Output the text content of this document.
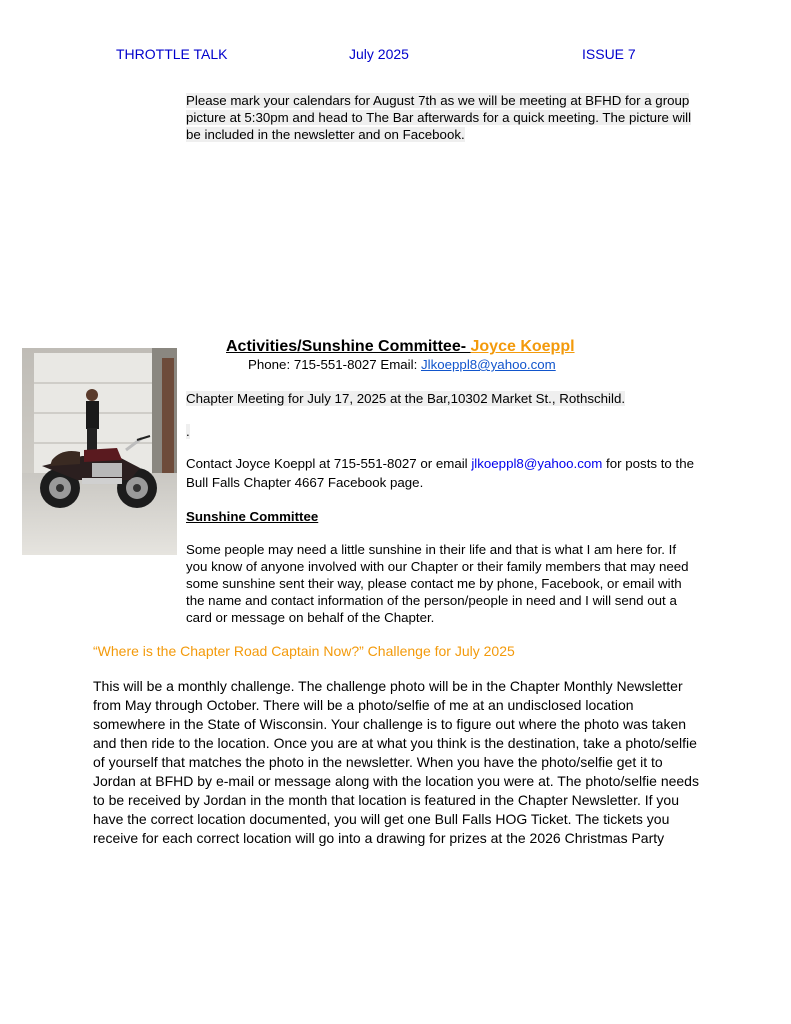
THROTTLE TALK	July 2025	ISSUE 7

Please mark your calendars for August 7th as we will be meeting at BFHD for a group picture at 5:30pm and head to The Bar afterwards for a quick meeting. The picture will be included in the newsletter and on Facebook.

Activities/Sunshine Committee- Joyce Koeppl
Phone: 715-551-8027 Email: Jlkoeppl8@yahoo.com

Chapter Meeting for July 17, 2025 at the Bar,10302 Market St., Rothschild.

.

Contact Joyce Koeppl at 715-551-8027 or email jlkoeppl8@yahoo.com for posts to the
Bull Falls Chapter 4667 Facebook page.

Sunshine Committee

Some people may need a little sunshine in their life and that is what I am here for. If you know of anyone involved with our Chapter or their family members that may need some sunshine sent their way, please contact me by phone, Facebook, or email with the name and contact information of the person/people in need and I will send out a card or message on behalf of the Chapter.

“Where is the Chapter Road Captain Now?” Challenge for July 2025

This will be a monthly challenge. The challenge photo will be in the Chapter Monthly Newsletter from May through October. There will be a photo/selfie of me at an undisclosed location somewhere in the State of Wisconsin. Your challenge is to figure out where the photo was taken and then ride to the location. Once you are at what you think is the destination, take a photo/selfie of yourself that matches the photo in the newsletter. When you have the photo/selfie get it to Jordan at BFHD by e-mail or message along with the location you were at. The photo/selfie needs to be received by Jordan in the month that location is featured in the Chapter Newsletter. If you have the correct location documented, you will get one Bull Falls HOG Ticket. The tickets you receive for each correct location will go into a drawing for prizes at the 2026 Christmas Party
